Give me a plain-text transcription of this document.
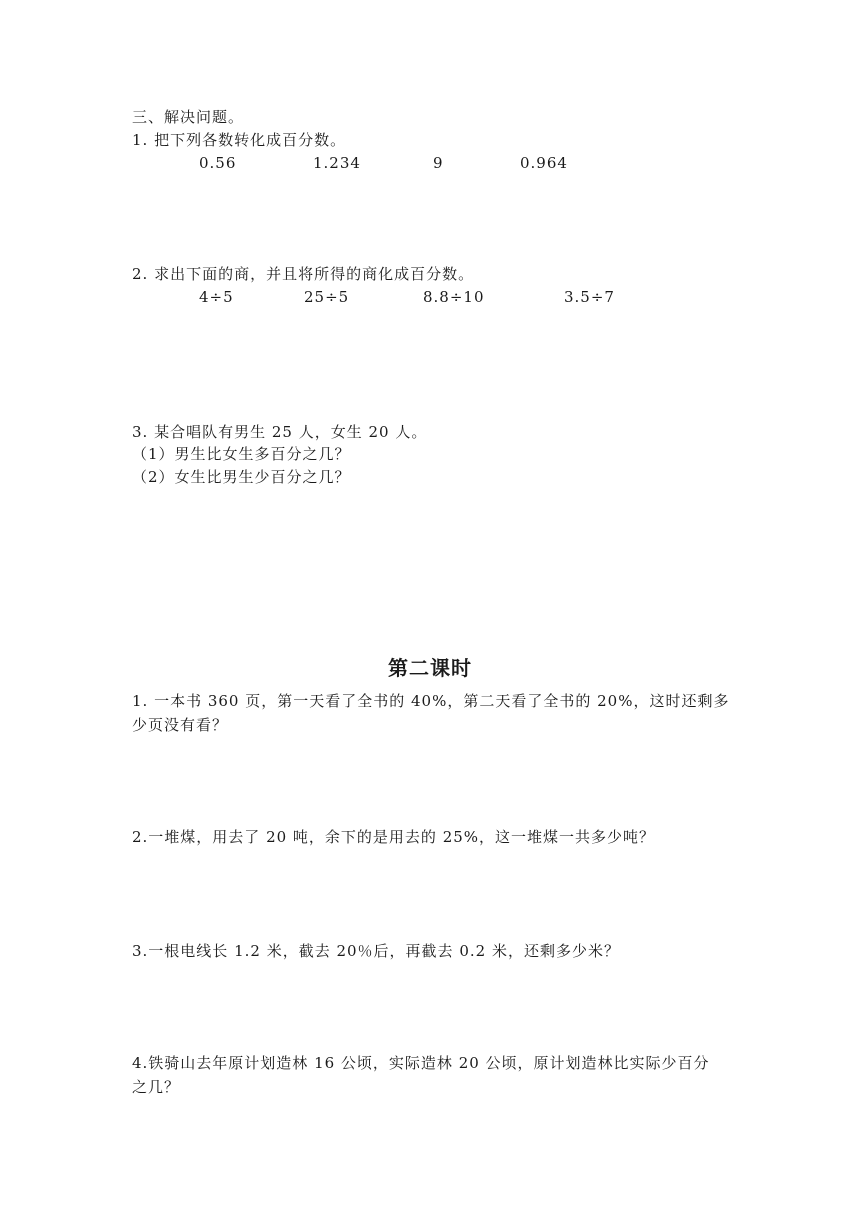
三、解决问题。
1. 把下列各数转化成百分数。
0.56	1.234	9	0.964
2. 求出下面的商，并且将所得的商化成百分数。
4÷5	25÷5	8.8÷10	3.5÷7
3. 某合唱队有男生 25 人，女生 20 人。
（1）男生比女生多百分之几？
（2）女生比男生少百分之几？
第二课时
1. 一本书 360 页，第一天看了全书的 40%，第二天看了全书的 20%，这时还剩多
少页没有看？
2.一堆煤，用去了 20 吨，余下的是用去的 25%，这一堆煤一共多少吨？
3.一根电线长 1.2 米，截去 20％后，再截去 0.2 米，还剩多少米？
4.铁骑山去年原计划造林 16 公顷，实际造林 20 公顷，原计划造林比实际少百分
之几？
